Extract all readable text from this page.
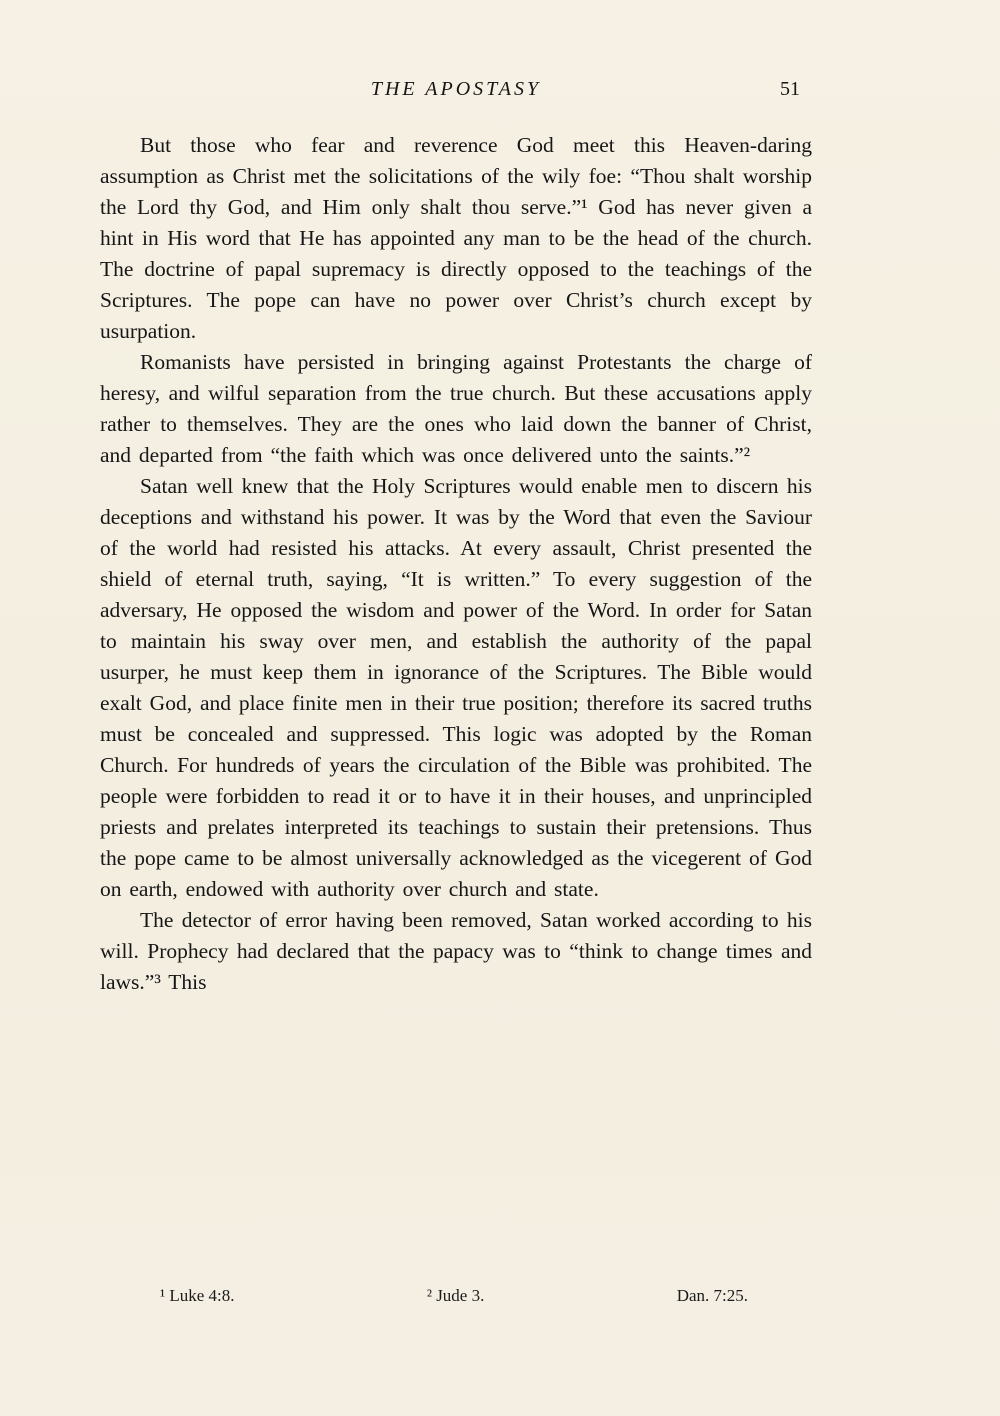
THE APOSTASY	51

But those who fear and reverence God meet this Heaven-daring assumption as Christ met the solicitations of the wily foe: “Thou shalt worship the Lord thy God, and Him only shalt thou serve.”¹ God has never given a hint in His word that He has appointed any man to be the head of the church. The doctrine of papal supremacy is directly opposed to the teachings of the Scriptures. The pope can have no power over Christ’s church except by usurpation.

Romanists have persisted in bringing against Protestants the charge of heresy, and wilful separation from the true church. But these accusations apply rather to themselves. They are the ones who laid down the banner of Christ, and departed from “the faith which was once delivered unto the saints.”²

Satan well knew that the Holy Scriptures would enable men to discern his deceptions and withstand his power. It was by the Word that even the Saviour of the world had resisted his attacks. At every assault, Christ presented the shield of eternal truth, saying, “It is written.” To every suggestion of the adversary, He opposed the wisdom and power of the Word. In order for Satan to maintain his sway over men, and establish the authority of the papal usurper, he must keep them in ignorance of the Scriptures. The Bible would exalt God, and place finite men in their true position; therefore its sacred truths must be concealed and suppressed. This logic was adopted by the Roman Church. For hundreds of years the circulation of the Bible was prohibited. The people were forbidden to read it or to have it in their houses, and unprincipled priests and prelates interpreted its teachings to sustain their pretensions. Thus the pope came to be almost universally acknowledged as the vicegerent of God on earth, endowed with authority over church and state.

The detector of error having been removed, Satan worked according to his will. Prophecy had declared that the papacy was to “think to change times and laws.”³ This

¹ Luke 4:8.	² Jude 3.	Dan. 7:25.
